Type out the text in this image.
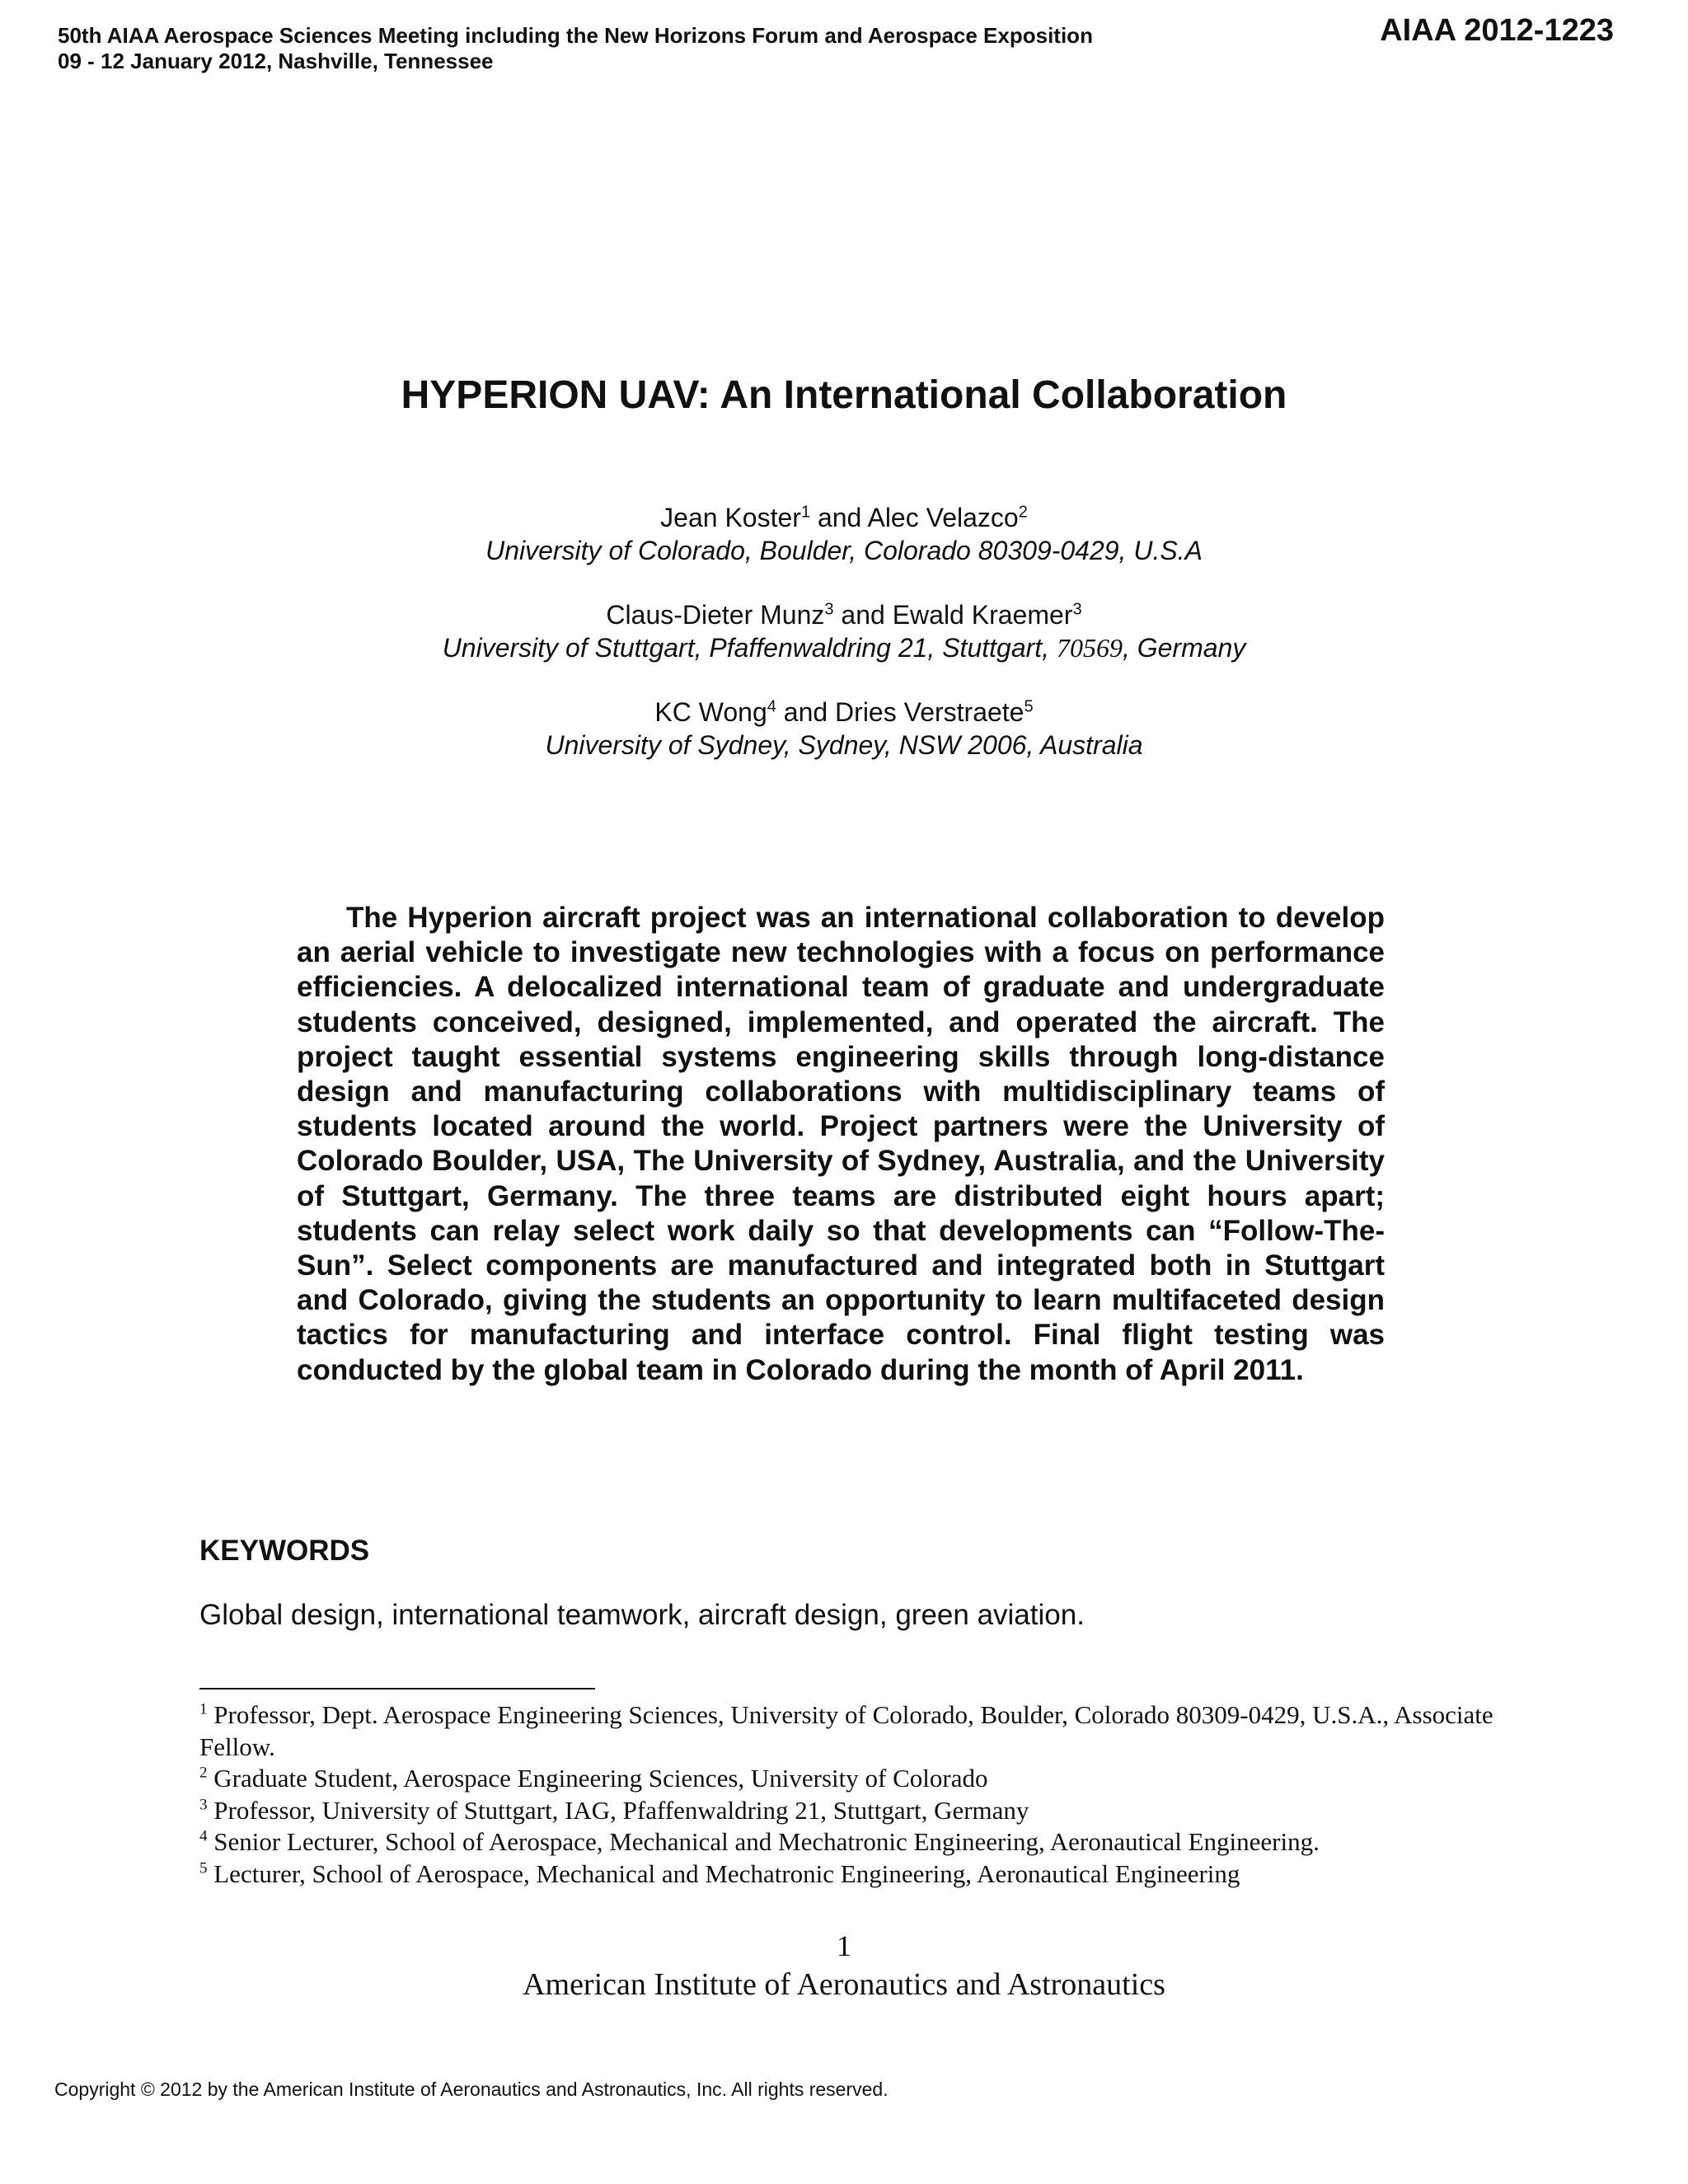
50th AIAA Aerospace Sciences Meeting including the New Horizons Forum and Aerospace Exposition
09 - 12 January 2012, Nashville, Tennessee
AIAA 2012-1223
HYPERION UAV: An International Collaboration
Jean Koster$^1$ and Alec Velazco$^2$
University of Colorado, Boulder, Colorado 80309-0429, U.S.A
Claus-Dieter Munz$^3$ and Ewald Kraemer$^3$
University of Stuttgart, Pfaffenwaldring 21, Stuttgart, 70569, Germany
KC Wong$^4$ and Dries Verstraete$^5$
University of Sydney, Sydney, NSW 2006, Australia
The Hyperion aircraft project was an international collaboration to develop an aerial vehicle to investigate new technologies with a focus on performance efficiencies. A delocalized international team of graduate and undergraduate students conceived, designed, implemented, and operated the aircraft. The project taught essential systems engineering skills through long-distance design and manufacturing collaborations with multidisciplinary teams of students located around the world. Project partners were the University of Colorado Boulder, USA, The University of Sydney, Australia, and the University of Stuttgart, Germany. The three teams are distributed eight hours apart; students can relay select work daily so that developments can “Follow-The-Sun”. Select components are manufactured and integrated both in Stuttgart and Colorado, giving the students an opportunity to learn multifaceted design tactics for manufacturing and interface control. Final flight testing was conducted by the global team in Colorado during the month of April 2011.
KEYWORDS
Global design, international teamwork, aircraft design, green aviation.

$^1$ Professor, Dept. Aerospace Engineering Sciences, University of Colorado, Boulder, Colorado 80309-0429, U.S.A., Associate Fellow.

$^2$ Graduate Student, Aerospace Engineering Sciences, University of Colorado

$^3$ Professor, University of Stuttgart, IAG, Pfaffenwaldring 21, Stuttgart, Germany

$^4$ Senior Lecturer, School of Aerospace, Mechanical and Mechatronic Engineering, Aeronautical Engineering.

$^5$ Lecturer, School of Aerospace, Mechanical and Mechatronic Engineering, Aeronautical Engineering

1
American Institute of Aeronautics and Astronautics
Copyright © 2012 by the American Institute of Aeronautics and Astronautics, Inc. All rights reserved.
